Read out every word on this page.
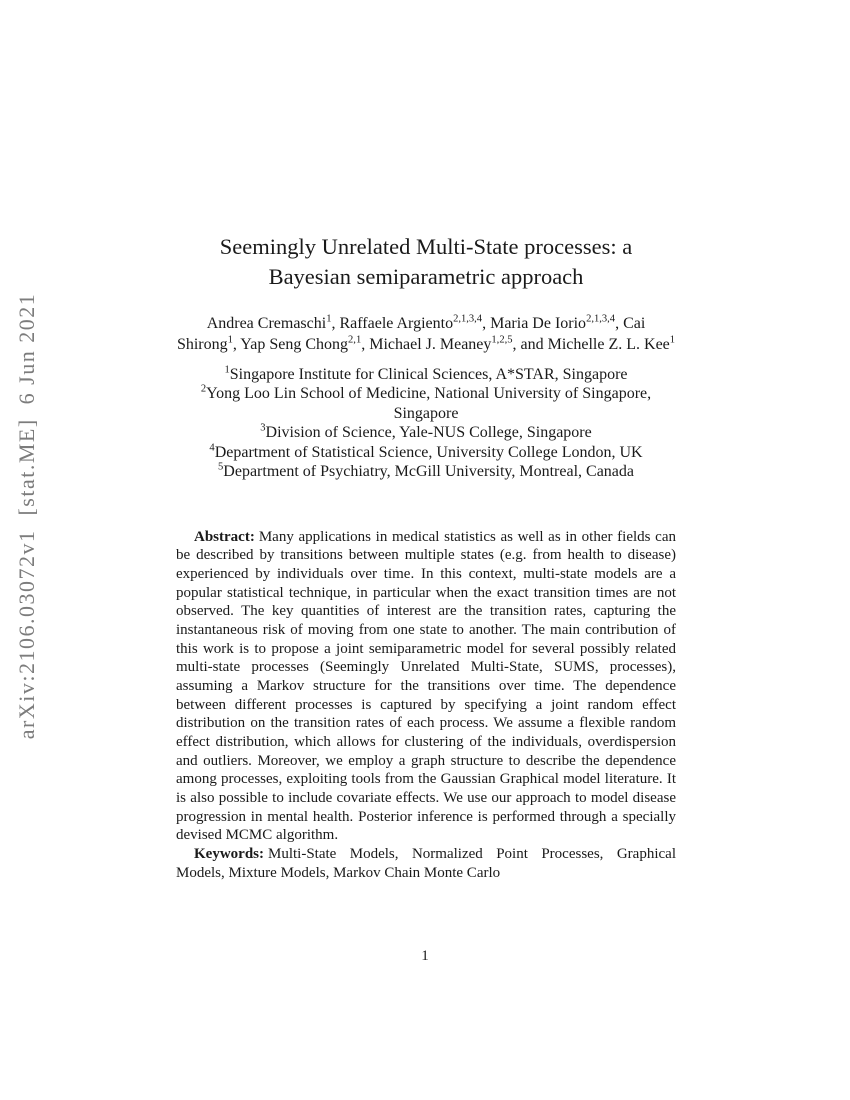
arXiv:2106.03072v1  [stat.ME]  6 Jun 2021
Seemingly Unrelated Multi-State processes: a Bayesian semiparametric approach

Andrea Cremaschi$^1$, Raffaele Argiento$^{2,1,3,4}$, Maria De Iorio$^{2,1,3,4}$, Cai Shirong$^1$, Yap Seng Chong$^{2,1}$, Michael J. Meaney$^{1,2,5}$, and Michelle Z. L. Kee$^1$

$^1$Singapore Institute for Clinical Sciences, A*STAR, Singapore

$^2$Yong Loo Lin School of Medicine, National University of Singapore, Singapore

$^3$Division of Science, Yale-NUS College, Singapore

$^4$Department of Statistical Science, University College London, UK

$^5$Department of Psychiatry, McGill University, Montreal, Canada

Abstract: Many applications in medical statistics as well as in other fields can be described by transitions between multiple states (e.g. from health to disease) experienced by individuals over time. In this context, multi-state models are a popular statistical technique, in particular when the exact transition times are not observed. The key quantities of interest are the transition rates, capturing the instantaneous risk of moving from one state to another. The main contribution of this work is to propose a joint semiparametric model for several possibly related multi-state processes (Seemingly Unrelated Multi-State, SUMS, processes), assuming a Markov structure for the transitions over time. The dependence between different processes is captured by specifying a joint random effect distribution on the transition rates of each process. We assume a flexible random effect distribution, which allows for clustering of the individuals, overdispersion and outliers. Moreover, we employ a graph structure to describe the dependence among processes, exploiting tools from the Gaussian Graphical model literature. It is also possible to include covariate effects. We use our approach to model disease progression in mental health. Posterior inference is performed through a specially devised MCMC algorithm.

Keywords: Multi-State Models, Normalized Point Processes, Graphical Models, Mixture Models, Markov Chain Monte Carlo

1
